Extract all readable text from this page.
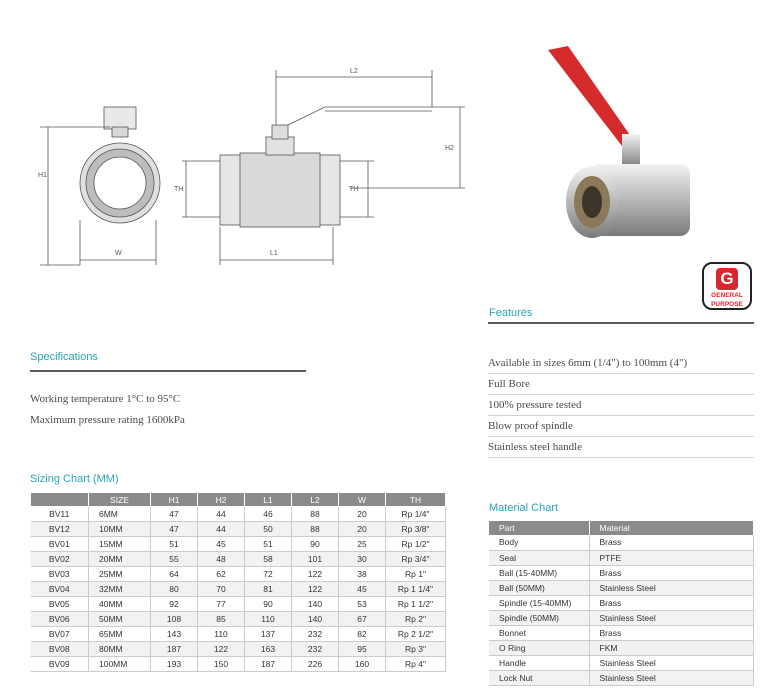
H1
W
TH	TH
L1
L2
H2
G
GENERAL
PURPOSE
Features
Available in sizes 6mm (1/4") to 100mm (4")
Full Bore
100% pressure tested
Blow proof spindle
Stainless steel handle
Specifications
Working temperature 1°C to 95°C
Maximum pressure rating 1600kPa
Sizing Chart (MM)
	SIZE	H1	H2	L1	L2	W	TH
BV11	6MM	47	44	46	88	20	Rp 1/4"
BV12	10MM	47	44	50	88	20	Rp 3/8"
BV01	15MM	51	45	51	90	25	Rp 1/2"
BV02	20MM	55	48	58	101	30	Rp 3/4"
BV03	25MM	64	62	72	122	38	Rp 1"
BV04	32MM	80	70	81	122	45	Rp 1 1/4"
BV05	40MM	92	77	90	140	53	Rp 1 1/2"
BV06	50MM	108	85	110	140	67	Rp 2"
BV07	65MM	143	110	137	232	82	Rp 2 1/2"
BV08	80MM	187	122	163	232	95	Rp 3"
BV09	100MM	193	150	187	226	160	Rp 4"
Material Chart
Part	Material
Body	Brass
Seal	PTFE
Ball (15-40MM)	Brass
Ball (50MM)	Stainless Steel
Spindle (15-40MM)	Brass
Spindle (50MM)	Stainless Steel
Bonnet	Brass
O Ring	FKM
Handle	Stainless Steel
Lock Nut	Stainless Steel
